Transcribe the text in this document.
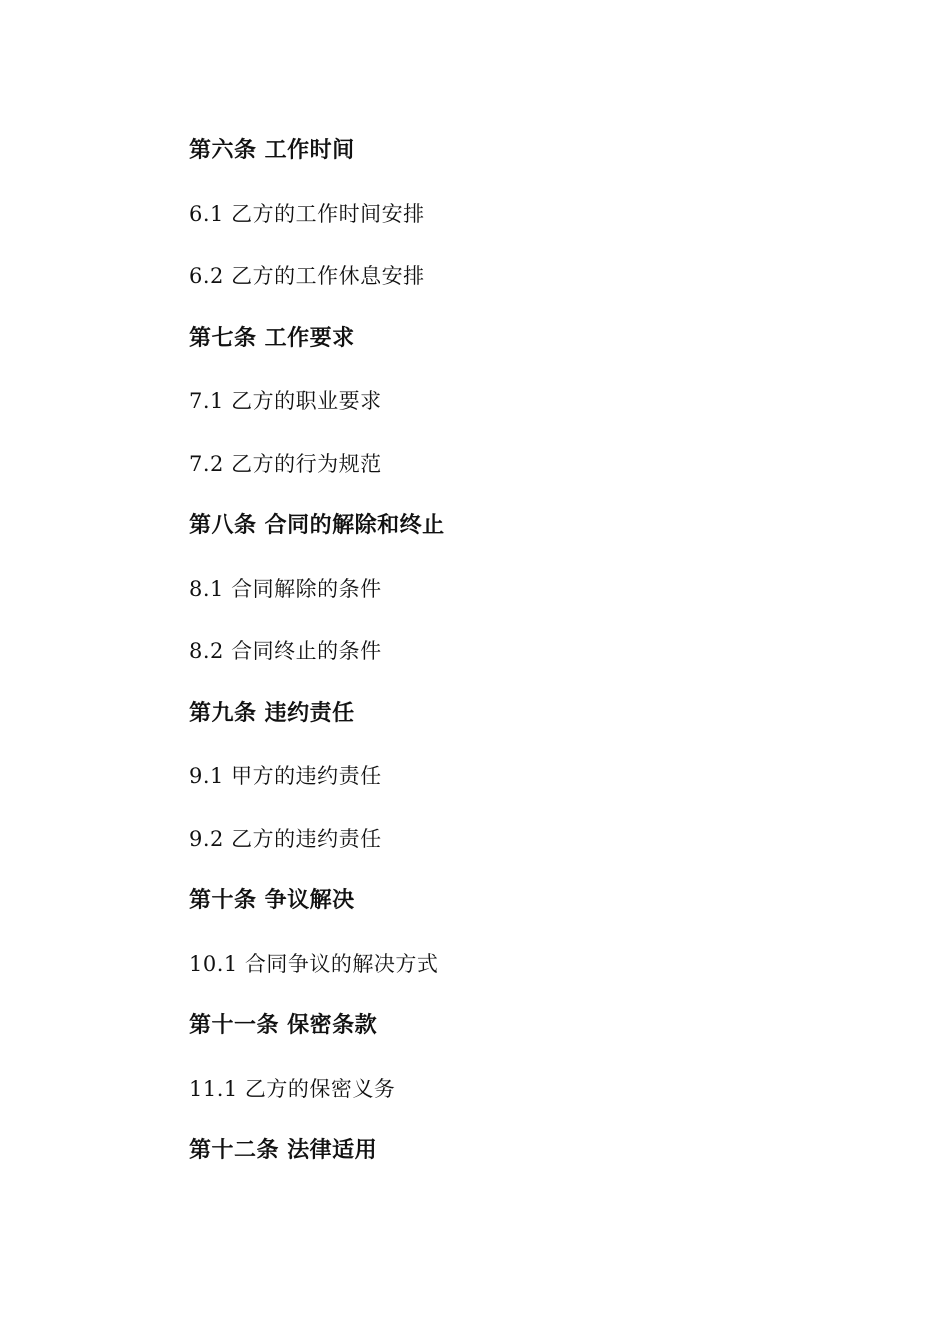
第六条 工作时间
6.1 乙方的工作时间安排
6.2 乙方的工作休息安排
第七条 工作要求
7.1 乙方的职业要求
7.2 乙方的行为规范
第八条 合同的解除和终止
8.1 合同解除的条件
8.2 合同终止的条件
第九条 违约责任
9.1 甲方的违约责任
9.2 乙方的违约责任
第十条 争议解决
10.1 合同争议的解决方式
第十一条 保密条款
11.1 乙方的保密义务
第十二条 法律适用
